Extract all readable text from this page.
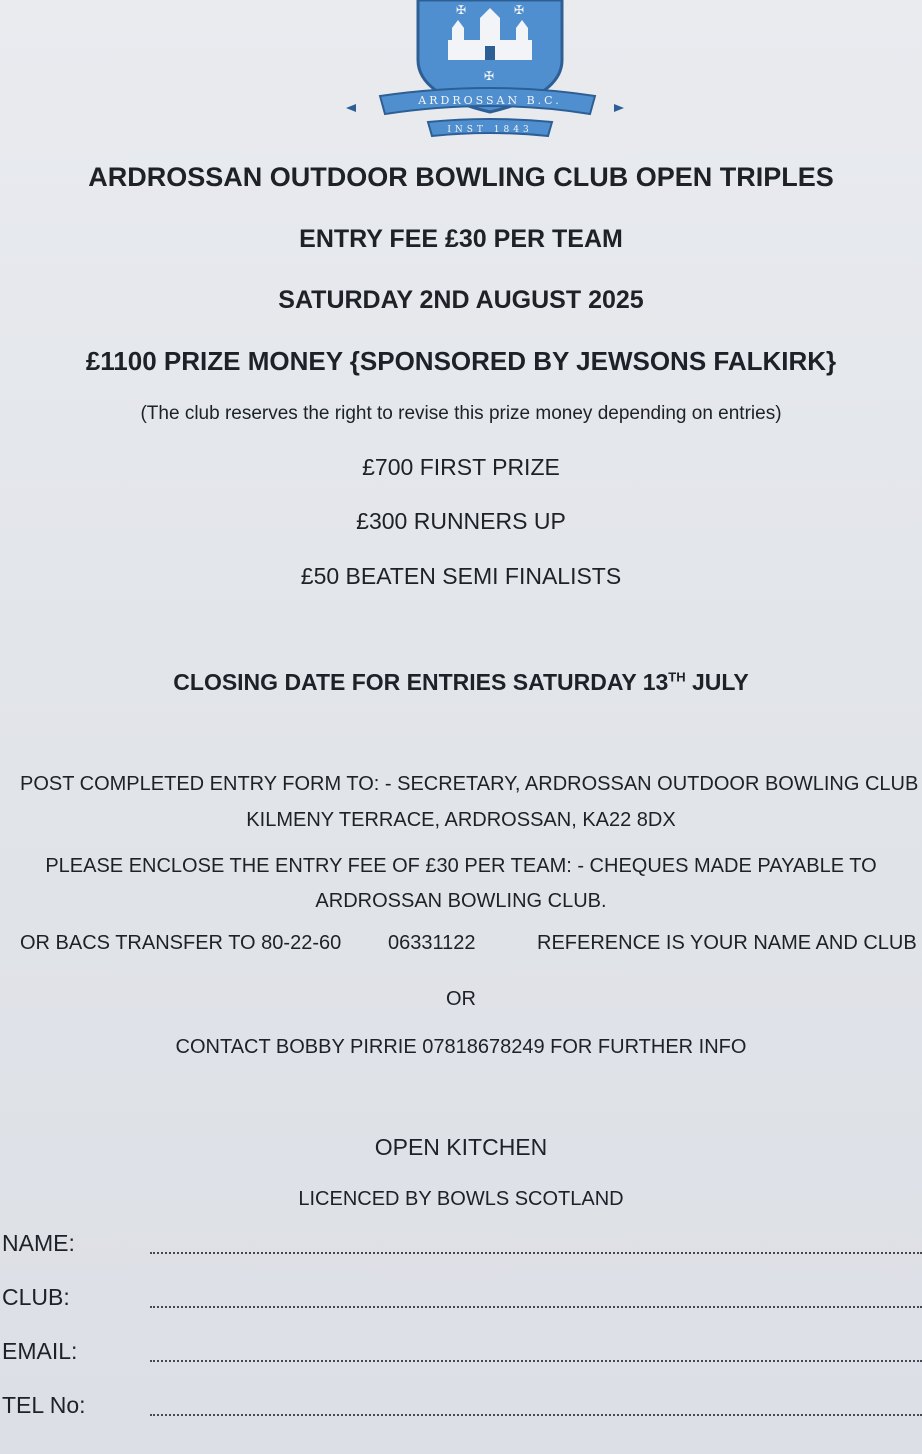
✠	✠
✠
ARDROSSAN B.C.
INST 1843
ARDROSSAN OUTDOOR BOWLING CLUB OPEN TRIPLES
ENTRY FEE £30 PER TEAM
SATURDAY 2ND AUGUST 2025
£1100 PRIZE MONEY {SPONSORED BY JEWSONS FALKIRK}
(The club reserves the right to revise this prize money depending on entries)
£700 FIRST PRIZE
£300 RUNNERS UP
£50 BEATEN SEMI FINALISTS
CLOSING DATE FOR ENTRIES SATURDAY 13TH JULY
POST COMPLETED ENTRY FORM TO: - SECRETARY, ARDROSSAN OUTDOOR BOWLING CLUB
KILMENY TERRACE, ARDROSSAN, KA22 8DX
PLEASE ENCLOSE THE ENTRY FEE OF £30 PER TEAM: - CHEQUES MADE PAYABLE TO
ARDROSSAN BOWLING CLUB.
OR BACS TRANSFER TO 80-22-60 06331122	REFERENCE IS YOUR NAME AND CLUB
OR
CONTACT BOBBY PIRRIE 07818678249 FOR FURTHER INFO
OPEN KITCHEN
LICENCED BY BOWLS SCOTLAND
NAME:
CLUB:
EMAIL:
TEL No:
